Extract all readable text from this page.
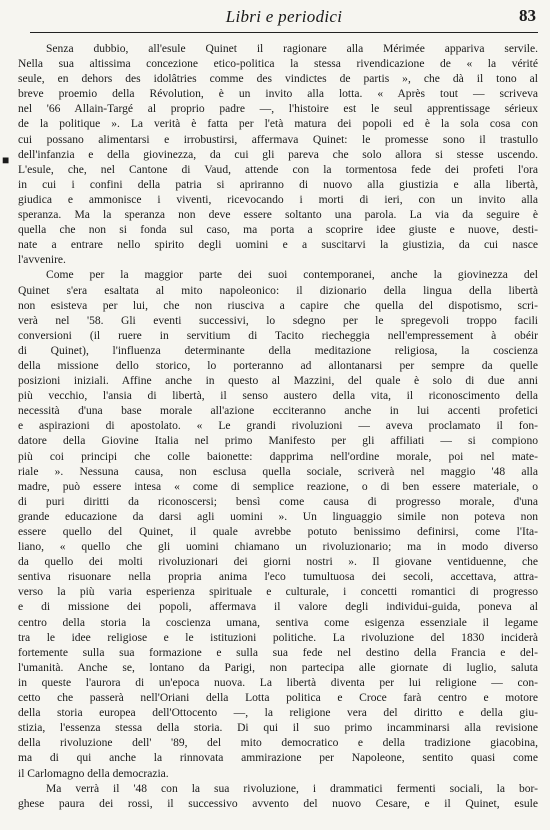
Libri e periodici	83
■
Senza dubbio, all'esule Quinet il ragionare alla Mérimée appariva servile.
Nella sua altissima concezione etico-politica la stessa rivendicazione de « la vérité
seule, en dehors des idolâtries comme des vindictes de partis », che dà il tono al
breve proemio della Révolution, è un invito alla lotta. « Après tout — scriveva
nel '66 Allain-Targé al proprio padre —, l'histoire est le seul apprentissage sérieux
de la politique ». La verità è fatta per l'età matura dei popoli ed è la sola cosa con
cui possano alimentarsi e irrobustirsi, affermava Quinet: le promesse sono il trastullo
dell'infanzia e della giovinezza, da cui gli pareva che solo allora si stesse uscendo.
L'esule, che, nel Cantone di Vaud, attende con la tormentosa fede dei profeti l'ora
in cui i confini della patria si apriranno di nuovo alla giustizia e alla libertà,
giudica e ammonisce i viventi, ricevocando i morti di ieri, con un invito alla
speranza. Ma la speranza non deve essere soltanto una parola. La via da seguire è
quella che non si fonda sul caso, ma porta a scoprire idee giuste e nuove, desti-
nate a entrare nello spirito degli uomini e a suscitarvi la giustizia, da cui nasce
l'avvenire.
Come per la maggior parte dei suoi contemporanei, anche la giovinezza del
Quinet s'era esaltata al mito napoleonico: il dizionario della lingua della libertà
non esisteva per lui, che non riusciva a capire che quella del dispotismo, scri-
verà nel '58. Gli eventi successivi, lo sdegno per le spregevoli troppo facili
conversioni (il ruere in servitium di Tacito riecheggia nell'empressement à obéir
di Quinet), l'influenza determinante della meditazione religiosa, la coscienza
della missione dello storico, lo porteranno ad allontanarsi per sempre da quelle
posizioni iniziali. Affine anche in questo al Mazzini, del quale è solo di due anni
più vecchio, l'ansia di libertà, il senso austero della vita, il riconoscimento della
necessità d'una base morale all'azione ecciteranno anche in lui accenti profetici
e aspirazioni di apostolato. « Le grandi rivoluzioni — aveva proclamato il fon-
datore della Giovine Italia nel primo Manifesto per gli affiliati — si compiono
più coi principi che colle baionette: dapprima nell'ordine morale, poi nel mate-
riale ». Nessuna causa, non esclusa quella sociale, scriverà nel maggio '48 alla
madre, può essere intesa « come di semplice reazione, o di ben essere materiale, o
di puri diritti da riconoscersi; bensì come causa di progresso morale, d'una
grande educazione da darsi agli uomini ». Un linguaggio simile non poteva non
essere quello del Quinet, il quale avrebbe potuto benissimo definirsi, come l'Ita-
liano, « quello che gli uomini chiamano un rivoluzionario; ma in modo diverso
da quello dei molti rivoluzionari dei giorni nostri ». Il giovane ventiduenne, che
sentiva risuonare nella propria anima l'eco tumultuosa dei secoli, accettava, attra-
verso la più varia esperienza spirituale e culturale, i concetti romantici di progresso
e di missione dei popoli, affermava il valore degli individui-guida, poneva al
centro della storia la coscienza umana, sentiva come esigenza essenziale il legame
tra le idee religiose e le istituzioni politiche. La rivoluzione del 1830 inciderà
fortemente sulla sua formazione e sulla sua fede nel destino della Francia e del-
l'umanità. Anche se, lontano da Parigi, non partecipa alle giornate di luglio, saluta
in queste l'aurora di un'epoca nuova. La libertà diventa per lui religione — con-
cetto che passerà nell'Oriani della Lotta politica e Croce farà centro e motore
della storia europea dell'Ottocento —, la religione vera del diritto e della giu-
stizia, l'essenza stessa della storia. Di qui il suo primo incamminarsi alla revisione
della rivoluzione dell' '89, del mito democratico e della tradizione giacobina,
ma di qui anche la rinnovata ammirazione per Napoleone, sentito quasi come
il Carlomagno della democrazia.
Ma verrà il '48 con la sua rivoluzione, i drammatici fermenti sociali, la bor-
ghese paura dei rossi, il successivo avvento del nuovo Cesare, e il Quinet, esule
